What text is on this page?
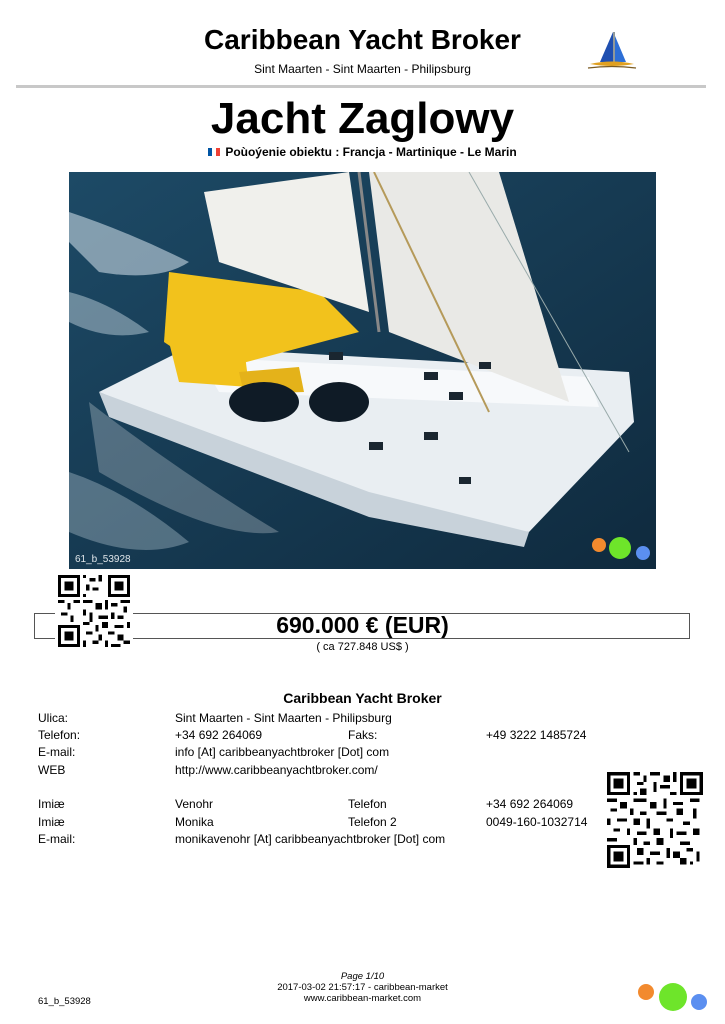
Caribbean Yacht Broker
Sint Maarten - Sint Maarten - Philipsburg
Jacht Zaglowy
Poùoýenie obiektu : Francja - Martinique - Le Marin
61_b_53928
690.000 € (EUR)
( ca 727.848 US$ )
Caribbean Yacht Broker
Ulica:	Sint Maarten - Sint Maarten - Philipsburg
Telefon:	+34 692 264069	Faks:	+49 3222 1485724
E-mail:	info [At] caribbeanyachtbroker [Dot] com
WEB	http://www.caribbeanyachtbroker.com/
Imiæ	Venohr	Telefon	+34 692 264069
Imiæ	Monika	Telefon 2	0049-160-1032714
E-mail:	monikavenohr [At] caribbeanyachtbroker [Dot] com
Page 1/10
2017-03-02 21:57:17 - caribbean-market
www.caribbean-market.com
61_b_53928
